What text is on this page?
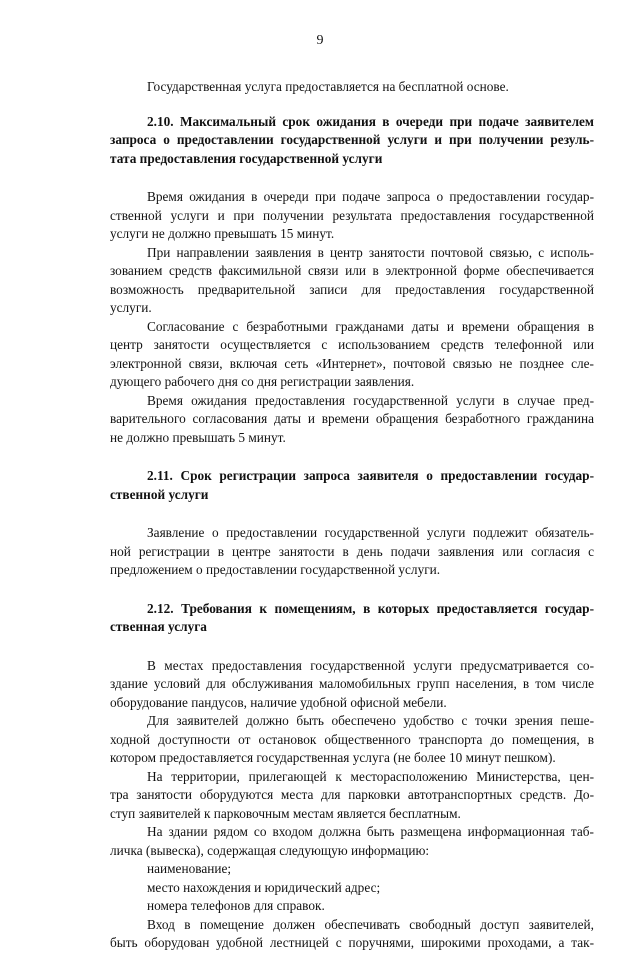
9
Государственная услуга предоставляется на бесплатной основе.
2.10. Максимальный срок ожидания в очереди при подаче заявителем
запроса о предоставлении государственной услуги и при получении резуль-
тата предоставления государственной услуги
Время ожидания в очереди при подаче запроса о предоставлении государ-
ственной услуги и при получении результата предоставления государственной
услуги не должно превышать 15 минут.
При направлении заявления в центр занятости почтовой связью, с исполь-
зованием средств факсимильной связи или в электронной форме обеспечивается
возможность предварительной записи для предоставления государственной
услуги.
Согласование с безработными гражданами даты и времени обращения в
центр занятости осуществляется с использованием средств телефонной или
электронной связи, включая сеть «Интернет», почтовой связью не позднее сле-
дующего рабочего дня со дня регистрации заявления.
Время ожидания предоставления государственной услуги в случае пред-
варительного согласования даты и времени обращения безработного гражданина
не должно превышать 5 минут.
2.11. Срок регистрации запроса заявителя о предоставлении государ-
ственной услуги
Заявление о предоставлении государственной услуги подлежит обязатель-
ной регистрации в центре занятости в день подачи заявления или согласия с
предложением о предоставлении государственной услуги.
2.12. Требования к помещениям, в которых предоставляется государ-
ственная услуга
В местах предоставления государственной услуги предусматривается со-
здание условий для обслуживания маломобильных групп населения, в том числе
оборудование пандусов, наличие удобной офисной мебели.
Для заявителей должно быть обеспечено удобство с точки зрения пеше-
ходной доступности от остановок общественного транспорта до помещения, в
котором предоставляется государственная услуга (не более 10 минут пешком).
На территории, прилегающей к месторасположению Министерства, цен-
тра занятости оборудуются места для парковки автотранспортных средств. До-
ступ заявителей к парковочным местам является бесплатным.
На здании рядом со входом должна быть размещена информационная таб-
личка (вывеска), содержащая следующую информацию:
наименование;
место нахождения и юридический адрес;
номера телефонов для справок.
Вход в помещение должен обеспечивать свободный доступ заявителей,
быть оборудован удобной лестницей с поручнями, широкими проходами, а так-
